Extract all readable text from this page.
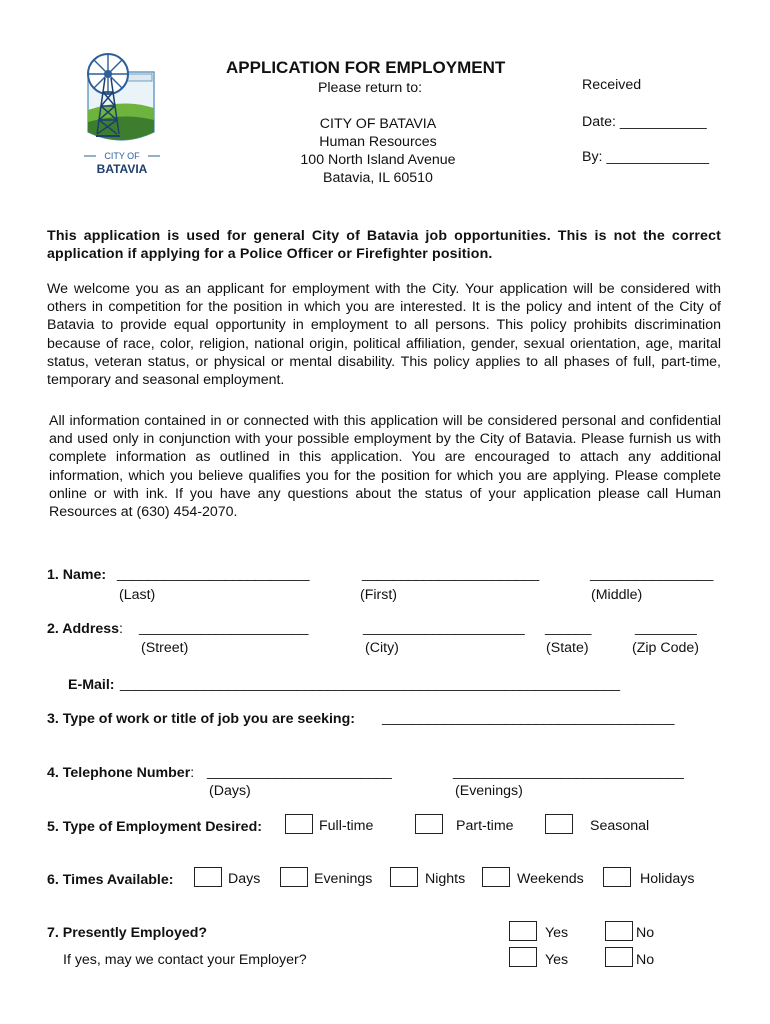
CITY OF
BATAVIA
APPLICATION FOR EMPLOYMENT
Please return to:
CITY OF BATAVIA
Human Resources
100 North Island Avenue
Batavia, IL 60510
Received
Date: ___________
By: _____________
This application is used for general City of Batavia job opportunities. This is not the correct application if applying for a Police Officer or Firefighter position.
We welcome you as an applicant for employment with the City. Your application will be considered with others in competition for the position in which you are interested. It is the policy and intent of the City of Batavia to provide equal opportunity in employment to all persons. This policy prohibits discrimination because of race, color, religion, national origin, political affiliation, gender, sexual orientation, age, marital status, veteran status, or physical or mental disability. This policy applies to all phases of full, part-time, temporary and seasonal employment.
All information contained in or connected with this application will be considered personal and confidential and used only in conjunction with your possible employment by the City of Batavia. Please furnish us with complete information as outlined in this application. You are encouraged to attach any additional information, which you believe qualifies you for the position for which you are applying. Please complete online or with ink. If you have any questions about the status of your application please call Human Resources at (630) 454-2070.
1. Name: _________________________	_______________________	________________
(Last)	(First)	(Middle)
2. Address: ______________________	_____________________ ______	________
(Street)	(City)	(State)	(Zip Code)
E-Mail: _________________________________________________________________
3. Type of work or title of job you are seeking: ______________________________________
4. Telephone Number: ________________________	______________________________
(Days)	(Evenings)
5. Type of Employment Desired:	Full-time	Part-time	Seasonal
6. Times Available:	Days	Evenings	Nights	Weekends	Holidays
7. Presently Employed?	Yes	No
If yes, may we contact your Employer?	Yes	No
